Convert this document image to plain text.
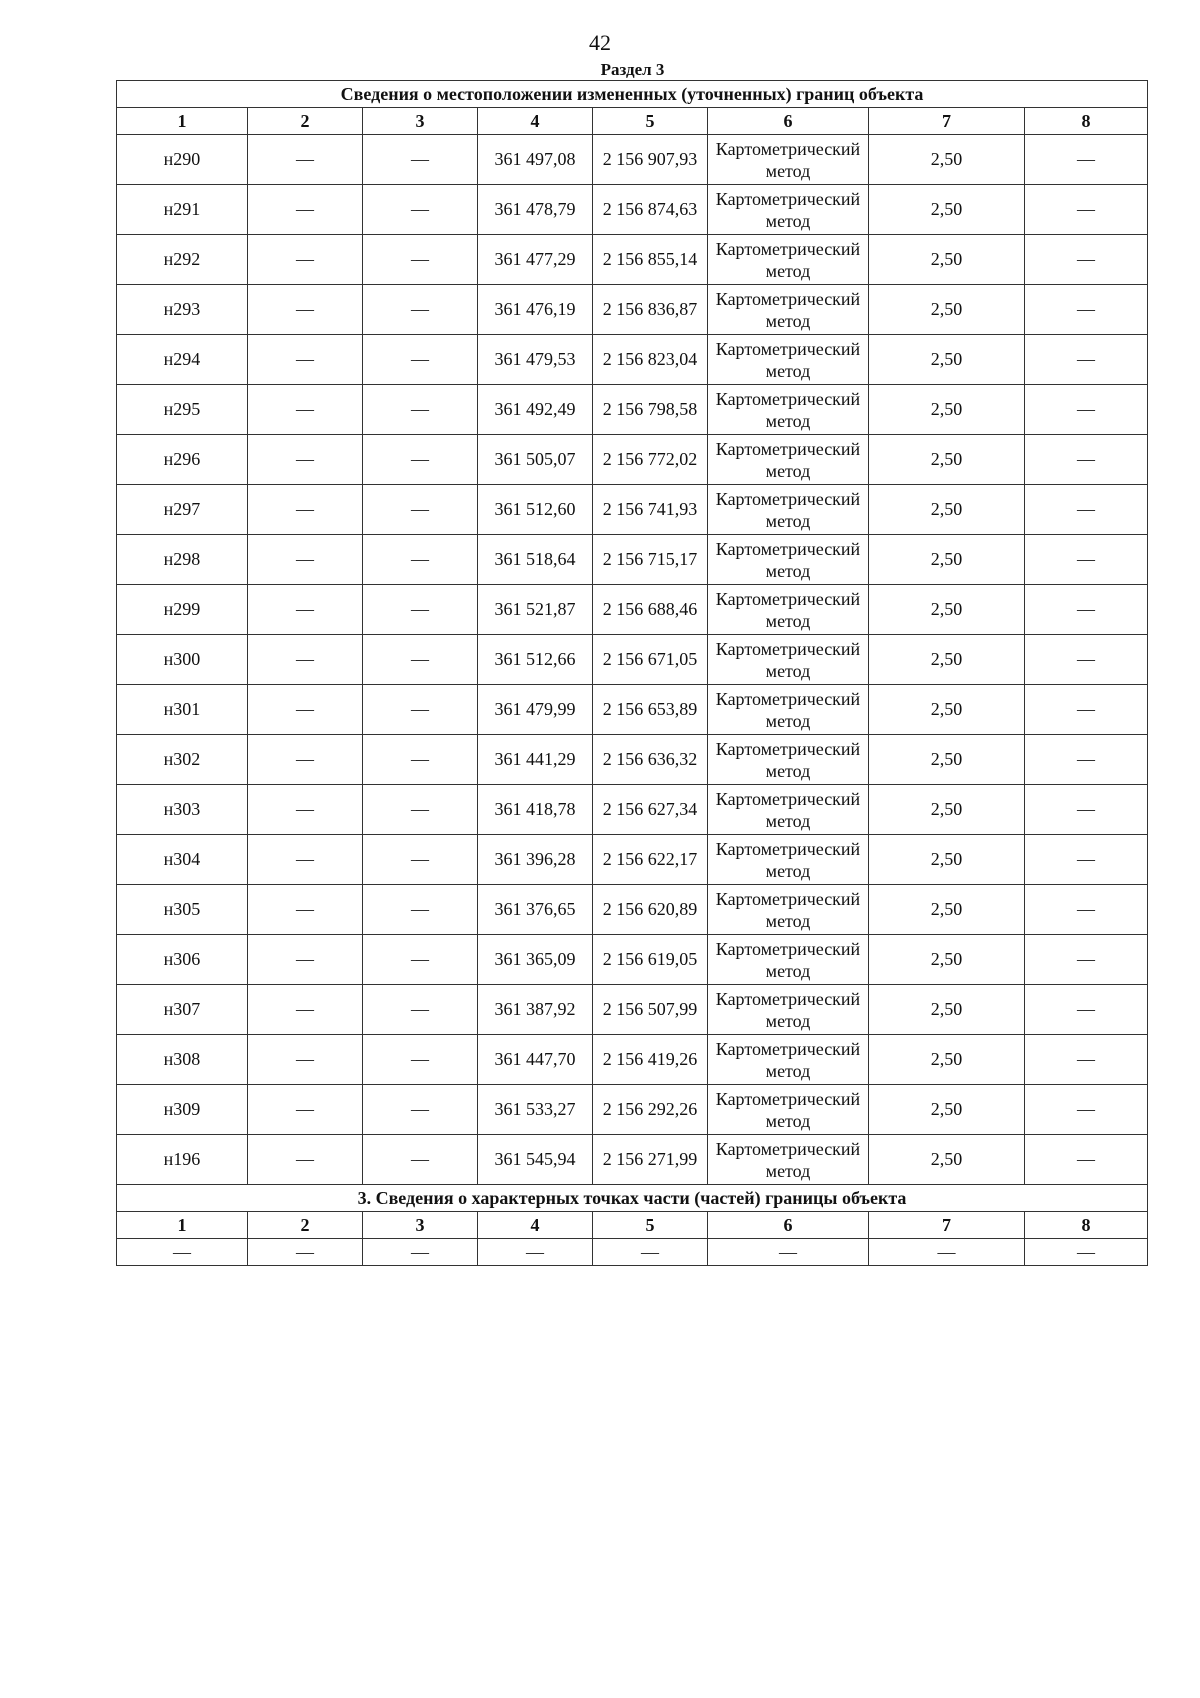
42
Раздел 3
Сведения о местоположении измененных (уточненных) границ объекта							
1	2	3	4	5	6	7	8
н290	—	—	361 497,08	2 156 907,93	Картометрический метод	2,50	—
н291	—	—	361 478,79	2 156 874,63	Картометрический метод	2,50	—
н292	—	—	361 477,29	2 156 855,14	Картометрический метод	2,50	—
н293	—	—	361 476,19	2 156 836,87	Картометрический метод	2,50	—
н294	—	—	361 479,53	2 156 823,04	Картометрический метод	2,50	—
н295	—	—	361 492,49	2 156 798,58	Картометрический метод	2,50	—
н296	—	—	361 505,07	2 156 772,02	Картометрический метод	2,50	—
н297	—	—	361 512,60	2 156 741,93	Картометрический метод	2,50	—
н298	—	—	361 518,64	2 156 715,17	Картометрический метод	2,50	—
н299	—	—	361 521,87	2 156 688,46	Картометрический метод	2,50	—
н300	—	—	361 512,66	2 156 671,05	Картометрический метод	2,50	—
н301	—	—	361 479,99	2 156 653,89	Картометрический метод	2,50	—
н302	—	—	361 441,29	2 156 636,32	Картометрический метод	2,50	—
н303	—	—	361 418,78	2 156 627,34	Картометрический метод	2,50	—
н304	—	—	361 396,28	2 156 622,17	Картометрический метод	2,50	—
н305	—	—	361 376,65	2 156 620,89	Картометрический метод	2,50	—
н306	—	—	361 365,09	2 156 619,05	Картометрический метод	2,50	—
н307	—	—	361 387,92	2 156 507,99	Картометрический метод	2,50	—
н308	—	—	361 447,70	2 156 419,26	Картометрический метод	2,50	—
н309	—	—	361 533,27	2 156 292,26	Картометрический метод	2,50	—
н196	—	—	361 545,94	2 156 271,99	Картометрический метод	2,50	—
3. Сведения о характерных точках части (частей) границы объекта							
1	2	3	4	5	6	7	8
—	—	—	—	—	—	—	—
